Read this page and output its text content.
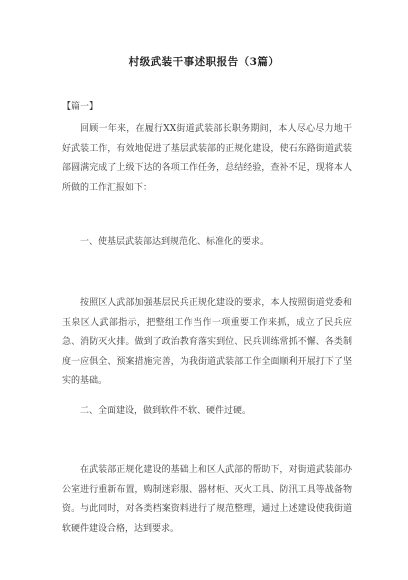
村级武装干事述职报告（3篇）
【篇一】

回顾一年来，在履行XX街道武装部长职务期间，本人尽心尽力地干好武装工作，有效地促进了基层武装部的正规化建设，使石东路街道武装部圆满完成了上级下达的各项工作任务，总结经验，查补不足，现将本人所做的工作汇报如下：

一、使基层武装部达到规范化、标准化的要求。

按照区人武部加强基层民兵正规化建设的要求，本人按照街道党委和玉泉区人武部指示，把整组工作当作一项重要工作来抓，成立了民兵应急、消防灭火排。做到了政治教育落实到位、民兵训练常抓不懈、各类制度一应俱全、预案措施完善，为我街道武装部工作全面顺利开展打下了坚实的基础。

二、全面建设，做到软件不软、硬件过硬。

在武装部正规化建设的基础上和区人武部的帮助下，对街道武装部办公室进行重新布置，购制迷彩服、器材柜、灭火工具、防汛工具等战备物资。与此同时，对各类档案资料进行了规范整理，通过上述建设使我街道软硬件建设合格，达到要求。
